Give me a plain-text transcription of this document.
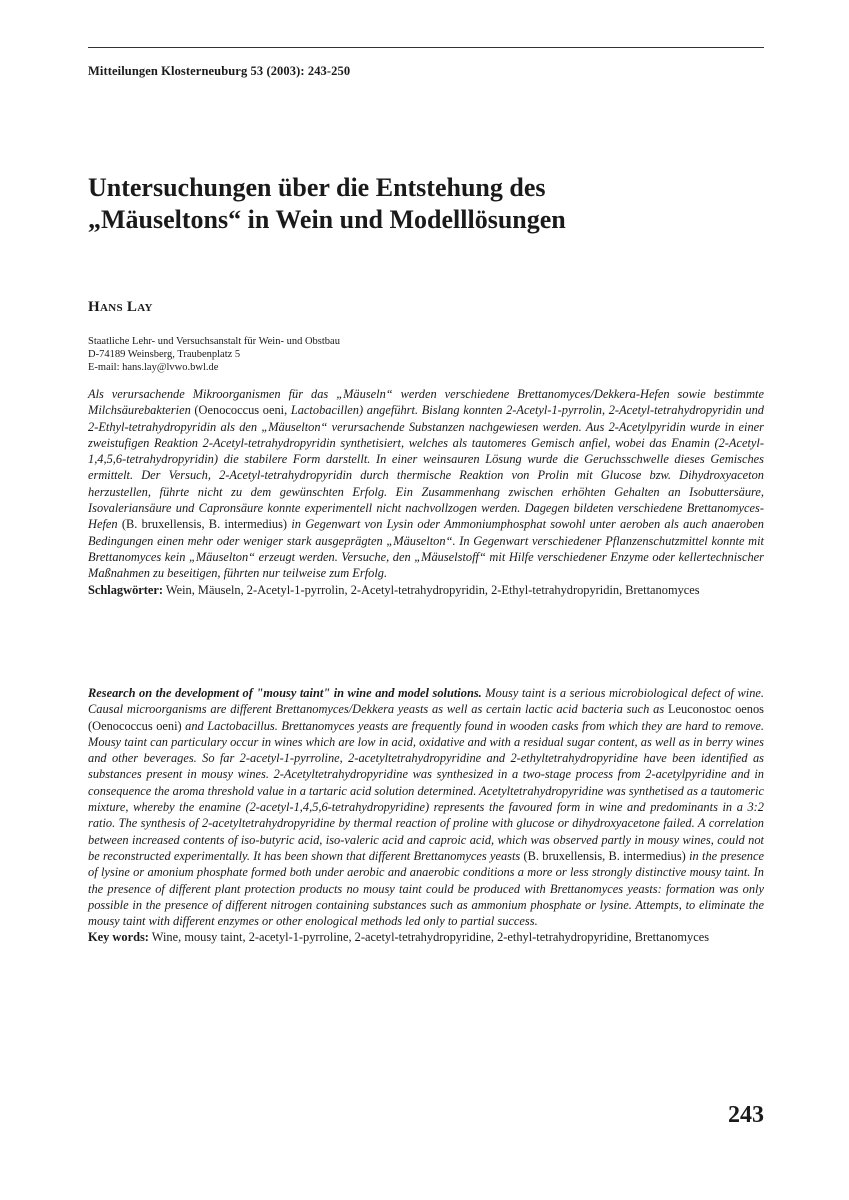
Mitteilungen Klosterneuburg 53 (2003): 243-250
Untersuchungen über die Entstehung des
„Mäuseltons“ in Wein und Modelllösungen
Hans Lay
Staatliche Lehr- und Versuchsanstalt für Wein- und Obstbau
D-74189 Weinsberg, Traubenplatz 5
E-mail: hans.lay@lvwo.bwl.de

Als verursachende Mikroorganismen für das „Mäuseln“ werden verschiedene Brettanomyces/Dekkera-Hefen sowie bestimmte Milchsäurebakterien (Oenococcus oeni, Lactobacillen) angeführt. Bislang konnten 2-Acetyl-1-pyrrolin, 2-Acetyl-tetrahydropyridin und 2-Ethyl-tetrahydropyridin als den „Mäuselton“ verursachende Substanzen nachgewiesen werden. Aus 2-Acetylpyridin wurde in einer zweistufigen Reaktion 2-Acetyl-tetrahydropyridin synthetisiert, welches als tautomeres Gemisch anfiel, wobei das Enamin (2-Acetyl-1,4,5,6-tetrahydropyridin) die stabilere Form darstellt. In einer weinsauren Lösung wurde die Geruchsschwelle dieses Gemisches ermittelt. Der Versuch, 2-Acetyl-tetrahydropyridin durch thermische Reaktion von Prolin mit Glucose bzw. Dihydroxyaceton herzustellen, führte nicht zu dem gewünschten Erfolg. Ein Zusammenhang zwischen erhöhten Gehalten an Isobuttersäure, Isovaleriansäure und Capronsäure konnte experimentell nicht nachvollzogen werden. Dagegen bildeten verschiedene Brettanomyces-Hefen (B. bruxellensis, B. intermedius) in Gegenwart von Lysin oder Ammoniumphosphat sowohl unter aeroben als auch anaeroben Bedingungen einen mehr oder weniger stark ausgeprägten „Mäuselton“. In Gegenwart verschiedener Pflanzenschutzmittel konnte mit Brettanomyces kein „Mäuselton“ erzeugt werden. Versuche, den „Mäuselstoff“ mit Hilfe verschiedener Enzyme oder kellertechnischer Maßnahmen zu beseitigen, führten nur teilweise zum Erfolg.

Schlagwörter: Wein, Mäuseln, 2-Acetyl-1-pyrrolin, 2-Acetyl-tetrahydropyridin, 2-Ethyl-tetrahydropyridin, Brettanomyces

Research on the development of "mousy taint" in wine and model solutions. Mousy taint is a serious microbiological defect of wine. Causal microorganisms are different Brettanomyces/Dekkera yeasts as well as certain lactic acid bacteria such as Leuconostoc oenos (Oenococcus oeni) and Lactobacillus. Brettanomyces yeasts are frequently found in wooden casks from which they are hard to remove. Mousy taint can particulary occur in wines which are low in acid, oxidative and with a residual sugar content, as well as in berry wines and other beverages. So far 2-acetyl-1-pyrroline, 2-acetyltetrahydropyridine and 2-ethyltetrahydropyridine have been identified as substances present in mousy wines. 2-Acetyltetrahydropyridine was synthesized in a two-stage process from 2-acetylpyridine and in consequence the aroma threshold value in a tartaric acid solution determined. Acetyltetrahydropyridine was synthetised as a tautomeric mixture, whereby the enamine (2-acetyl-1,4,5,6-tetrahydropyridine) represents the favoured form in wine and predominants in a 3:2 ratio. The synthesis of 2-acetyltetrahydropyridine by thermal reaction of proline with glucose or dihydroxyacetone failed. A correlation between increased contents of iso-butyric acid, iso-valeric acid and caproic acid, which was observed partly in mousy wines, could not be reconstructed experimentally. It has been shown that different Brettanomyces yeasts (B. bruxellensis, B. intermedius) in the presence of lysine or amonium phosphate formed both under aerobic and anaerobic conditions a more or less strongly distinctive mousy taint. In the presence of different plant protection products no mousy taint could be produced with Brettanomyces yeasts: formation was only possible in the presence of different nitrogen containing substances such as ammonium phosphate or lysine. Attempts, to eliminate the mousy taint with different enzymes or other enological methods led only to partial success.

Key words: Wine, mousy taint, 2-acetyl-1-pyrroline, 2-acetyl-tetrahydropyridine, 2-ethyl-tetrahydropyridine, Brettanomyces

243
